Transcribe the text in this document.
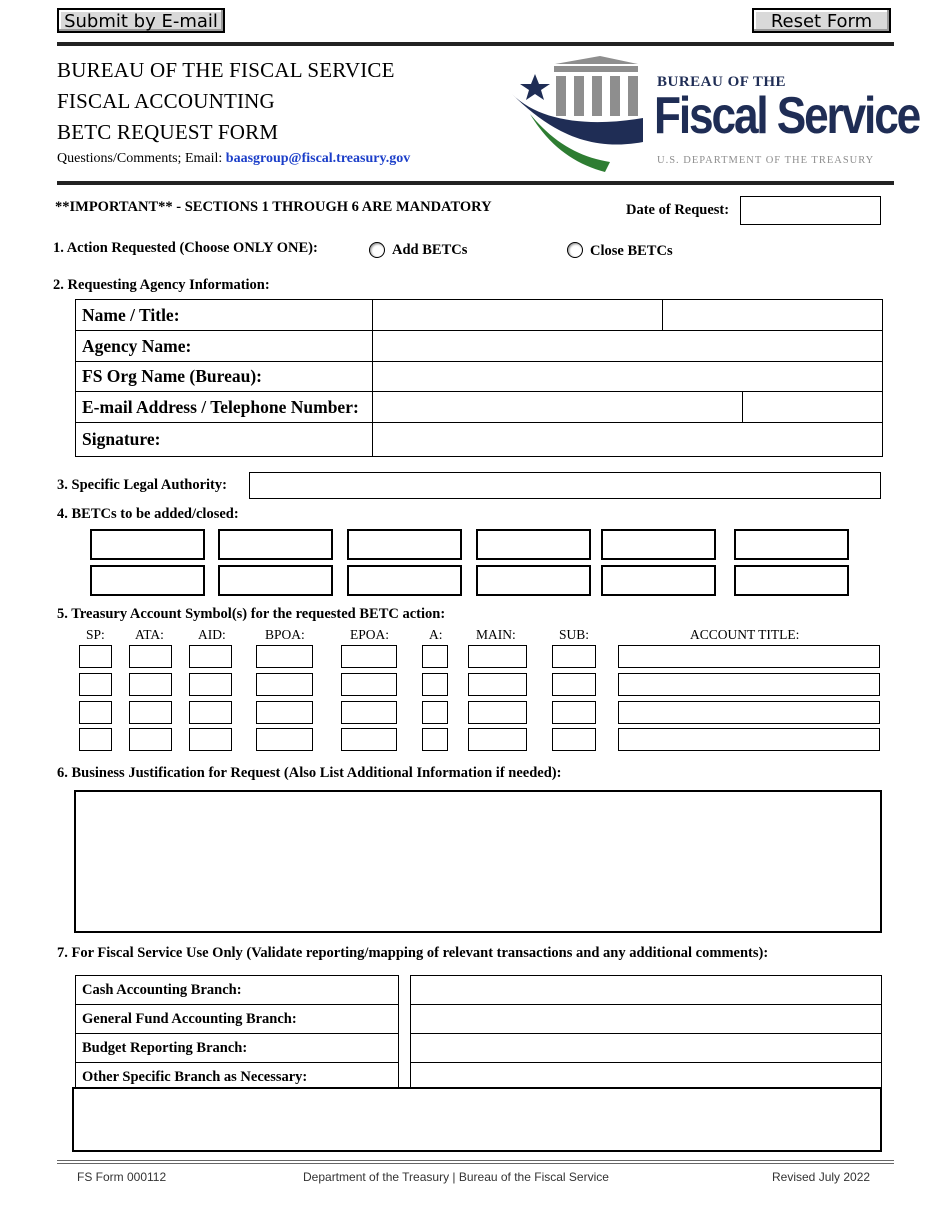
Submit by E-mail	Reset Form
BUREAU OF THE FISCAL SERVICE
FISCAL ACCOUNTING
BETC REQUEST FORM
Questions/Comments; Email: baasgroup@fiscal.treasury.gov
BUREAU OF THE
Fiscal Service
U.S. DEPARTMENT OF THE TREASURY
**IMPORTANT** - SECTIONS 1 THROUGH 6 ARE MANDATORY	Date of Request:
1. Action Requested (Choose ONLY ONE):	Add BETCs	Close BETCs
2. Requesting Agency Information:
Name / Title:		
Agency Name:		
FS Org Name (Bureau):		
E-mail Address / Telephone Number:		

Signature:		
3. Specific Legal Authority:
4. BETCs to be added/closed:
5. Treasury Account Symbol(s) for the requested BETC action:
SP: ATA:	AID:	BPOA:	EPOA:	A: MAIN:	SUB:	ACCOUNT TITLE:
6. Business Justification for Request (Also List Additional Information if needed):
7. For Fiscal Service Use Only (Validate reporting/mapping of relevant transactions and any additional comments):
Cash Accounting Branch:
General Fund Accounting Branch:
Budget Reporting Branch:
Other Specific Branch as Necessary:

FS Form 000112	Department of the Treasury | Bureau of the Fiscal Service	Revised July 2022
